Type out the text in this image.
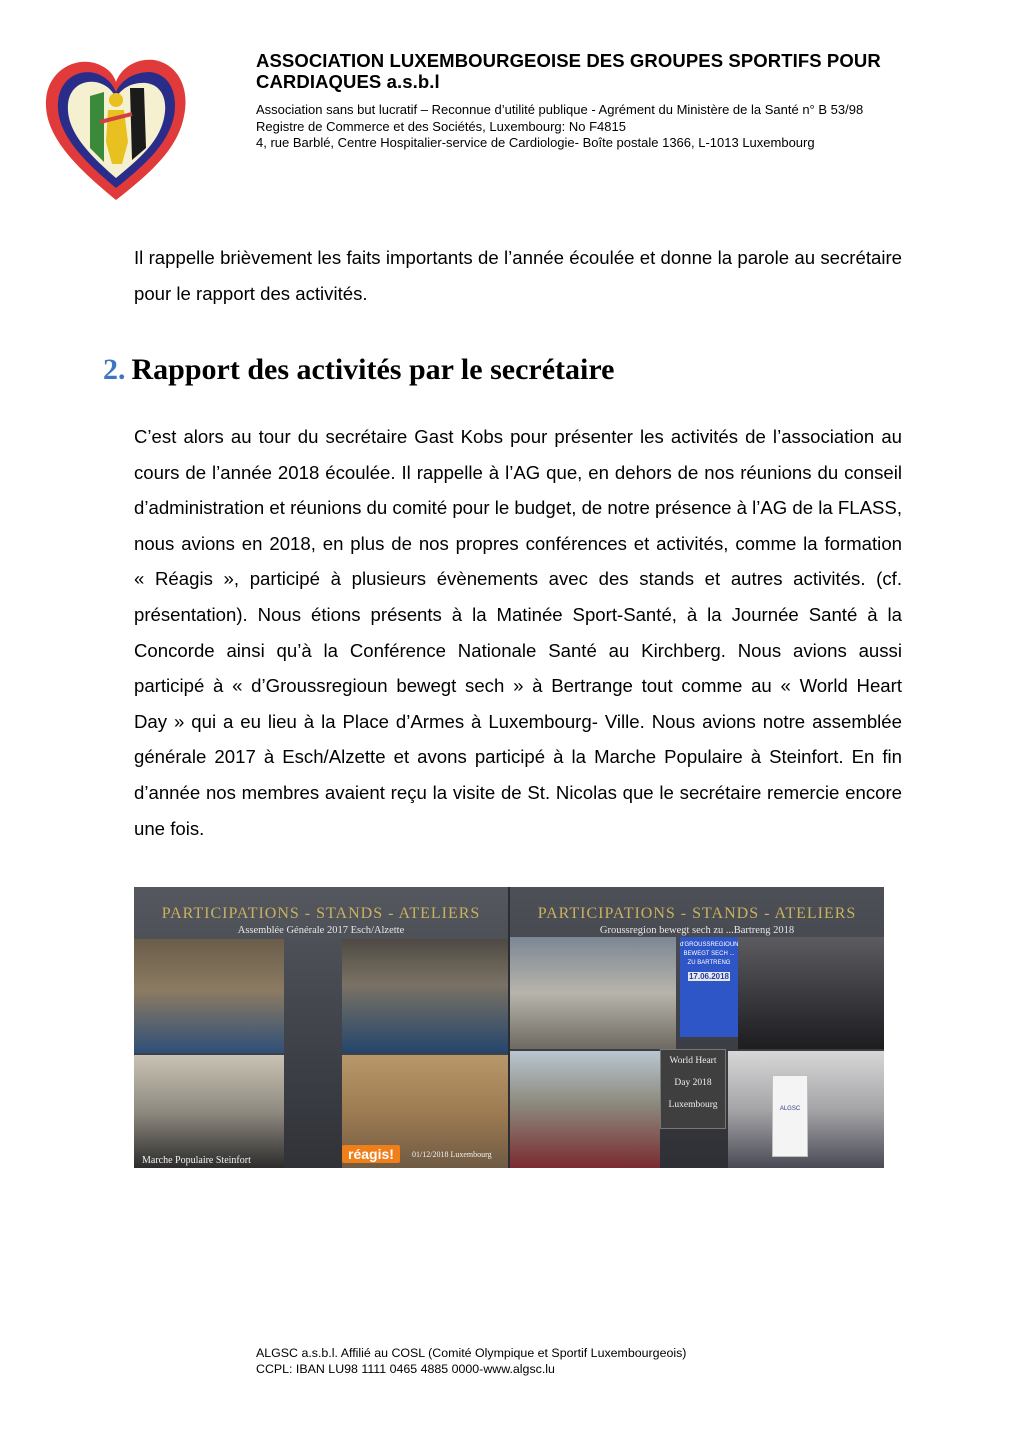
ASSOCIATION LUXEMBOURGEOISE DES GROUPES SPORTIFS POUR

CARDIAQUES a.s.b.l

Association sans but lucratif – Reconnue d’utilité publique - Agrément du Ministère de la Santé n° B 53/98

Registre de Commerce et des Sociétés, Luxembourg: No F4815

4, rue Barblé, Centre Hospitalier-service de Cardiologie- Boîte postale 1366, L-1013 Luxembourg

Il rappelle brièvement les faits importants de l’année écoulée et donne la parole au secrétaire pour le rapport des activités.

2. Rapport des activités par le secrétaire

C’est alors au tour du secrétaire Gast Kobs pour présenter les activités de l’association au cours de l’année 2018 écoulée. Il rappelle à l’AG que, en dehors de nos réunions du conseil d’administration et réunions du comité pour le budget, de notre présence à l’AG de la FLASS, nous avions en 2018, en plus de nos propres conférences et activités, comme la formation « Réagis », participé à plusieurs évènements avec des stands et autres activités. (cf. présentation). Nous étions présents à la Matinée Sport-Santé, à la Journée Santé à la Concorde ainsi qu’à la Conférence Nationale Santé au Kirchberg. Nous avions aussi participé à « d’Groussregioun bewegt sech » à Bertrange tout comme au « World Heart Day » qui a eu lieu à la Place d’Armes à Luxembourg- Ville. Nous avions notre assemblée générale 2017 à Esch/Alzette et avons participé à la Marche Populaire à Steinfort. En fin d’année nos membres avaient reçu la visite de St. Nicolas que le secrétaire remercie encore une fois.

PARTICIPATIONS - STANDS - ATELIERS

Assemblée Générale 2017 Esch/Alzette

Marche Populaire Steinfort	réagis!	01/12/2018 Luxembourg

PARTICIPATIONS - STANDS - ATELIERS

Groussregion bewegt sech zu ...Bartreng 2018

d'GROUSSREGIOUN BEWEGT SECH ... ZU BARTRENG
17.06.2018
World Heart
Day 2018
Luxembourg	ALGSC

ALGSC a.s.b.l. Affilié au COSL (Comité Olympique et Sportif Luxembourgeois)

CCPL: IBAN LU98 1111 0465 4885 0000-www.algsc.lu
